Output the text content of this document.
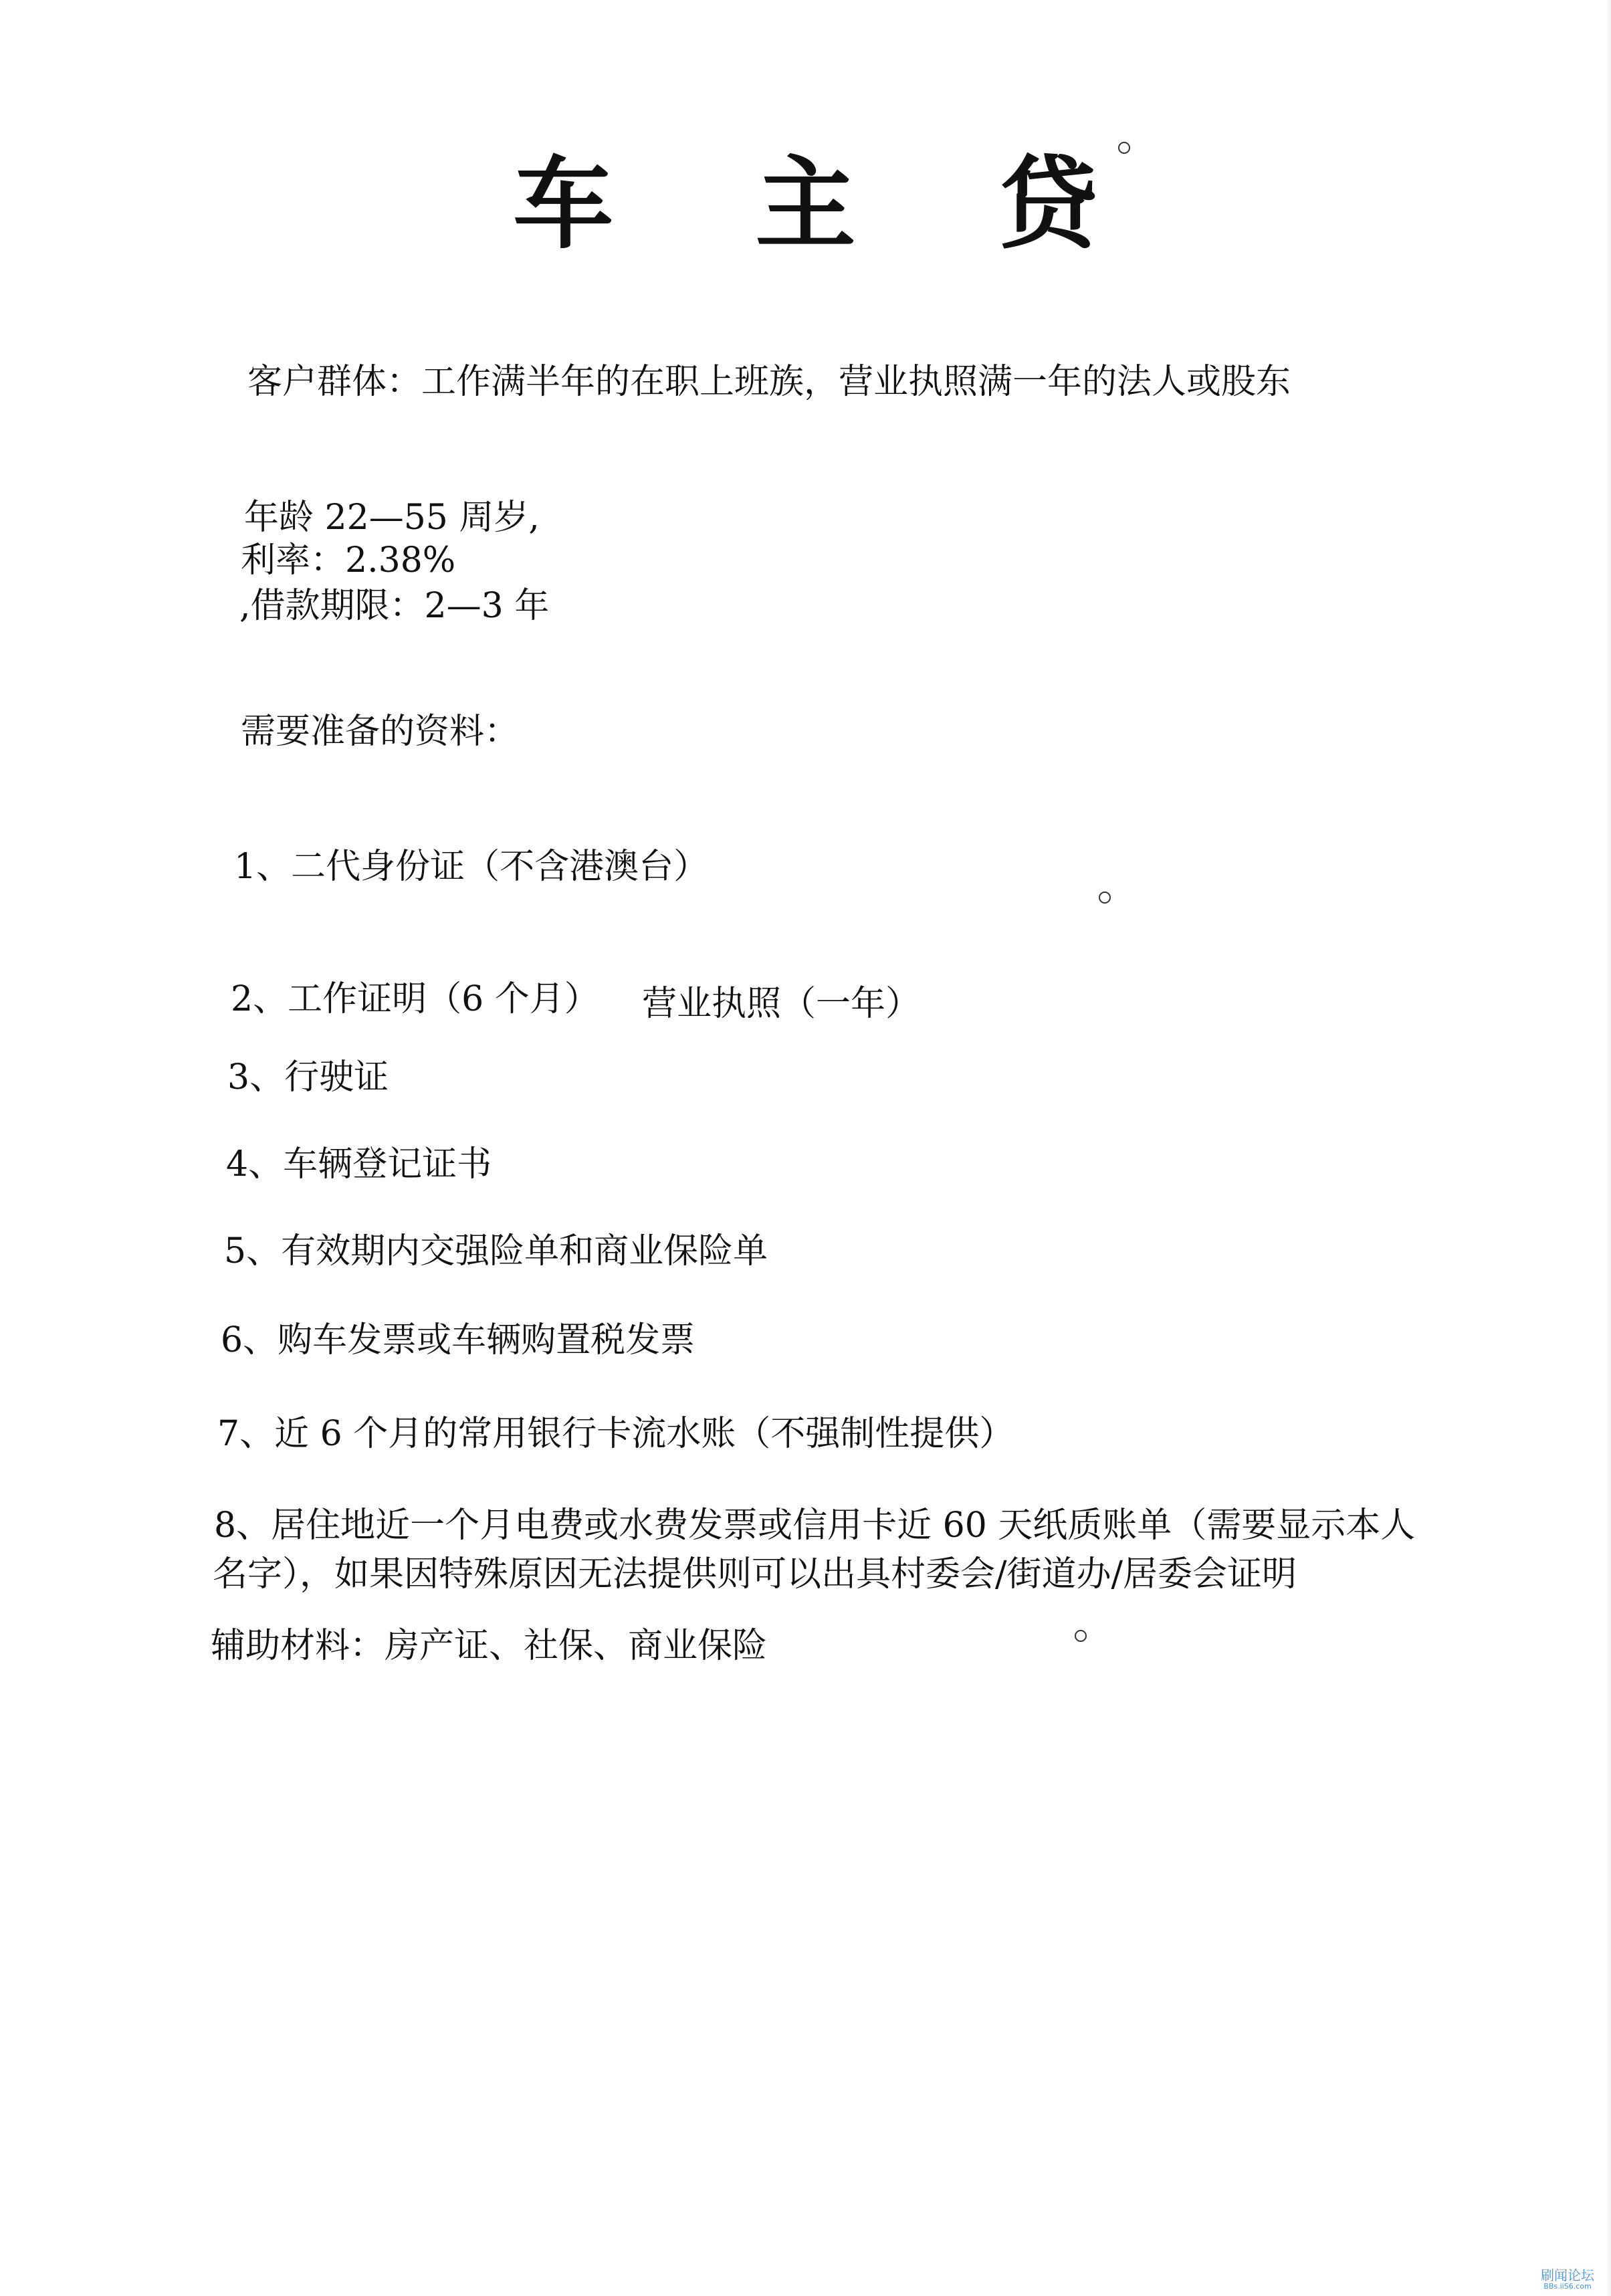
车 主 贷
客户群体：工作满半年的在职上班族，营业执照满一年的法人或股东
年龄 22—55 周岁,
利率：2.38%
,借款期限：2—3 年
需要准备的资料：
1、二代身份证（不含港澳台）
2、工作证明（6 个月） 营业执照（一年）
3、行驶证
4、车辆登记证书
5、有效期内交强险单和商业保险单
6、购车发票或车辆购置税发票
7、近 6 个月的常用银行卡流水账（不强制性提供）
8、居住地近一个月电费或水费发票或信用卡近 60 天纸质账单（需要显示本人
名字），如果因特殊原因无法提供则可以出具村委会/街道办/居委会证明
辅助材料：房产证、社保、商业保险
刷闻论坛
BBs.iiS6.com
